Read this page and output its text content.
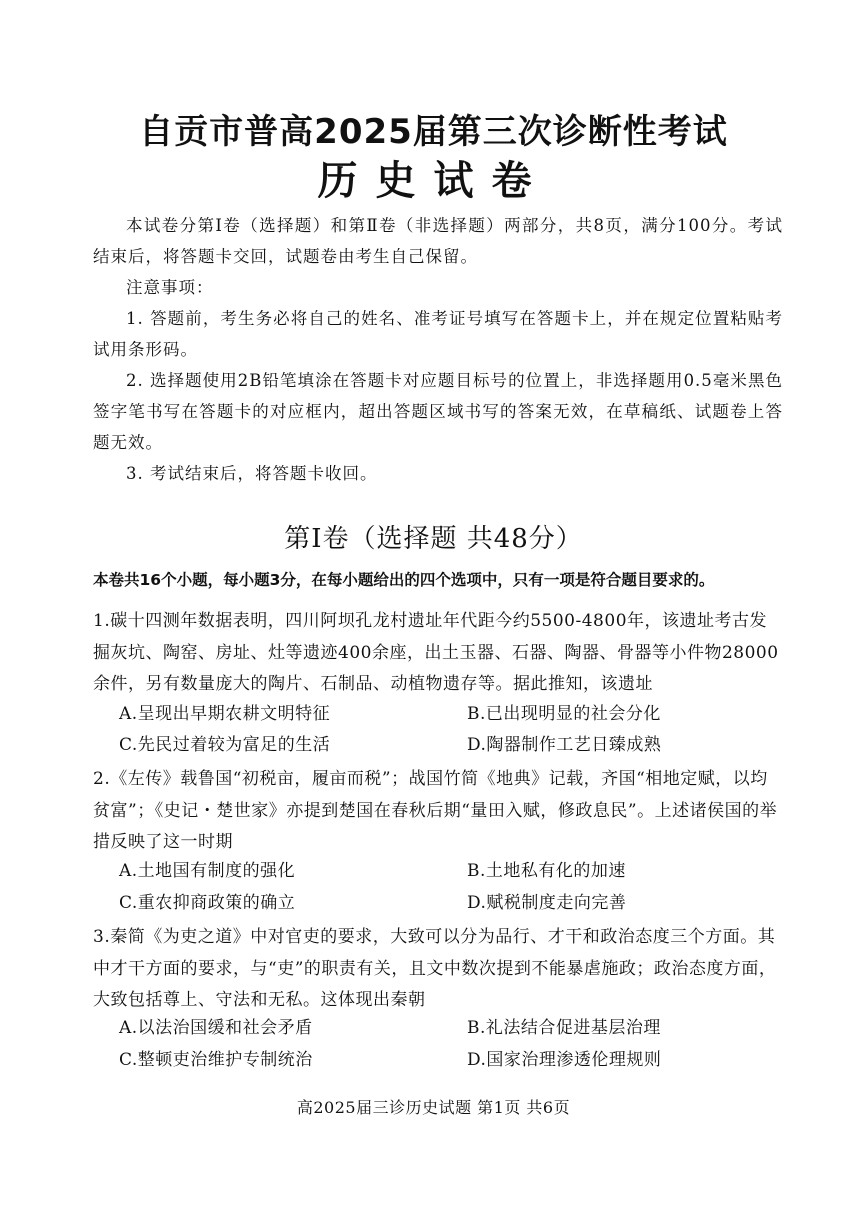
自贡市普高2025届第三次诊断性考试
历史试卷
本试卷分第Ⅰ卷（选择题）和第Ⅱ卷（非选择题）两部分，共8页，满分100分。考试结束后，将答题卡交回，试题卷由考生自己保留。
注意事项：
1. 答题前，考生务必将自己的姓名、准考证号填写在答题卡上，并在规定位置粘贴考试用条形码。
2. 选择题使用2B铅笔填涂在答题卡对应题目标号的位置上，非选择题用0.5毫米黑色签字笔书写在答题卡的对应框内，超出答题区域书写的答案无效，在草稿纸、试题卷上答题无效。
3. 考试结束后，将答题卡收回。
第Ⅰ卷（选择题 共48分）
本卷共16个小题，每小题3分，在每小题给出的四个选项中，只有一项是符合题目要求的。
1.碳十四测年数据表明，四川阿坝孔龙村遗址年代距今约5500-4800年，该遗址考古发掘灰坑、陶窑、房址、灶等遗迹400余座，出土玉器、石器、陶器、骨器等小件物28000余件，另有数量庞大的陶片、石制品、动植物遗存等。据此推知，该遗址
A.呈现出早期农耕文明特征	B.已出现明显的社会分化
C.先民过着较为富足的生活	D.陶器制作工艺日臻成熟
2.《左传》载鲁国“初税亩，履亩而税”；战国竹简《地典》记载，齐国“相地定赋，以均贫富”；《史记・楚世家》亦提到楚国在春秋后期“量田入赋，修政息民”。上述诸侯国的举措反映了这一时期
A.土地国有制度的强化	B.土地私有化的加速
C.重农抑商政策的确立	D.赋税制度走向完善
3.秦简《为吏之道》中对官吏的要求，大致可以分为品行、才干和政治态度三个方面。其中才干方面的要求，与“吏”的职责有关，且文中数次提到不能暴虐施政；政治态度方面，大致包括尊上、守法和无私。这体现出秦朝
A.以法治国缓和社会矛盾	B.礼法结合促进基层治理
C.整顿吏治维护专制统治	D.国家治理渗透伦理规则
高2025届三诊历史试题 第1页 共6页
